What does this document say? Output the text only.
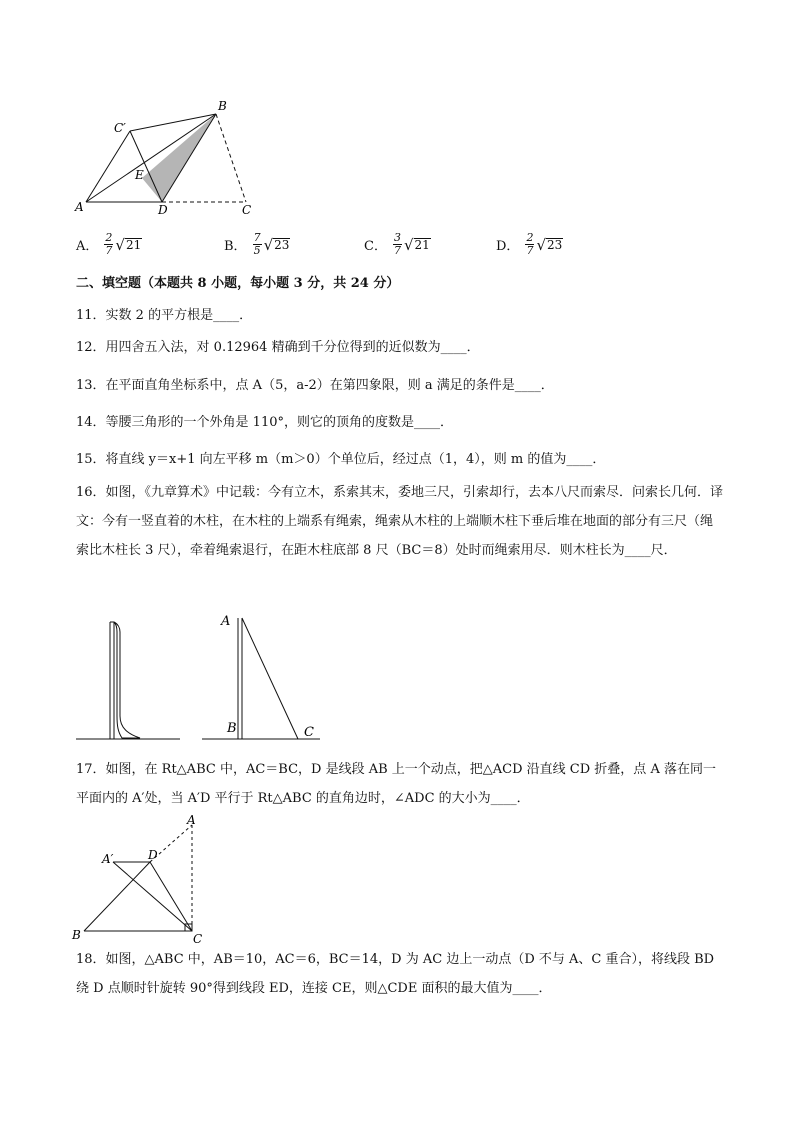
B
C′
E
A	D	C
A． $\frac{2}{7}$ √ 21	B． $\frac{7}{5}$ √ 23	C． $\frac{3}{7}$ √ 21	D． $\frac{2}{7}$ √ 23
二、填空题（本题共 8 小题，每小题 3 分，共 24 分）
11．实数 2 的平方根是____．
12．用四舍五入法，对 0.12964 精确到千分位得到的近似数为____．
13．在平面直角坐标系中，点 A（5，a-2）在第四象限，则 a 满足的条件是____．
14．等腰三角形的一个外角是 110°，则它的顶角的度数是____．
15．将直线 y＝x+1 向左平移 m（m＞0）个单位后，经过点（1，4），则 m 的值为____．
16．如图，《九章算术》中记载：今有立木，系索其末，委地三尺，引索却行，去本八尺而索尽．问索长几何．译文：今有一竖直着的木柱，在木柱的上端系有绳索，绳索从木柱的上端顺木柱下垂后堆在地面的部分有三尺（绳索比木柱长 3 尺），牵着绳索退行，在距木柱底部 8 尺（BC＝8）处时而绳索用尽．则木柱长为____尺．
A
B	C
17．如图，在 Rt△ABC 中，AC＝BC，D 是线段 AB 上一个动点，把△ACD 沿直线 CD 折叠，点 A 落在同一平面内的 A′处，当 A′D 平行于 Rt△ABC 的直角边时，∠ADC 的大小为____．
A
A′	D
B	C
18．如图，△ABC 中，AB＝10，AC＝6，BC＝14，D 为 AC 边上一动点（D 不与 A、C 重合），将线段 BD 绕 D 点顺时针旋转 90°得到线段 ED，连接 CE，则△CDE 面积的最大值为____．
